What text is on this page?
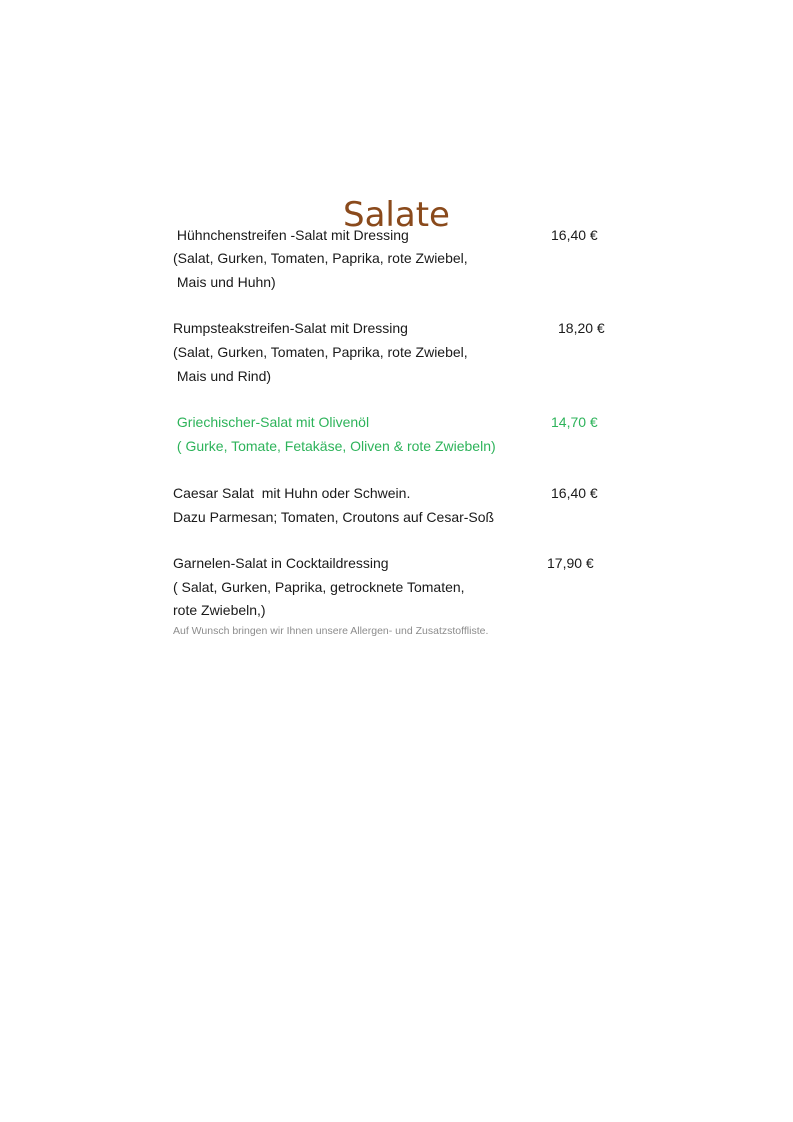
Salate
Hühnchenstreifen -Salat mit Dressing	16,40 €
(Salat, Gurken, Tomaten, Paprika, rote Zwiebel,
Mais und Huhn)
Rumpsteakstreifen-Salat mit Dressing	18,20 €
(Salat, Gurken, Tomaten, Paprika, rote Zwiebel,
Mais und Rind)
Griechischer-Salat mit Olivenöl	14,70 €
( Gurke, Tomate, Fetakäse, Oliven & rote Zwiebeln)
Caesar Salat  mit Huhn oder Schwein.	16,40 €
Dazu Parmesan; Tomaten, Croutons auf Cesar-Soß
Garnelen-Salat in Cocktaildressing	17,90 €
( Salat, Gurken, Paprika, getrocknete Tomaten,
rote Zwiebeln,)
Auf Wunsch bringen wir Ihnen unsere Allergen- und Zusatzstoffliste.
